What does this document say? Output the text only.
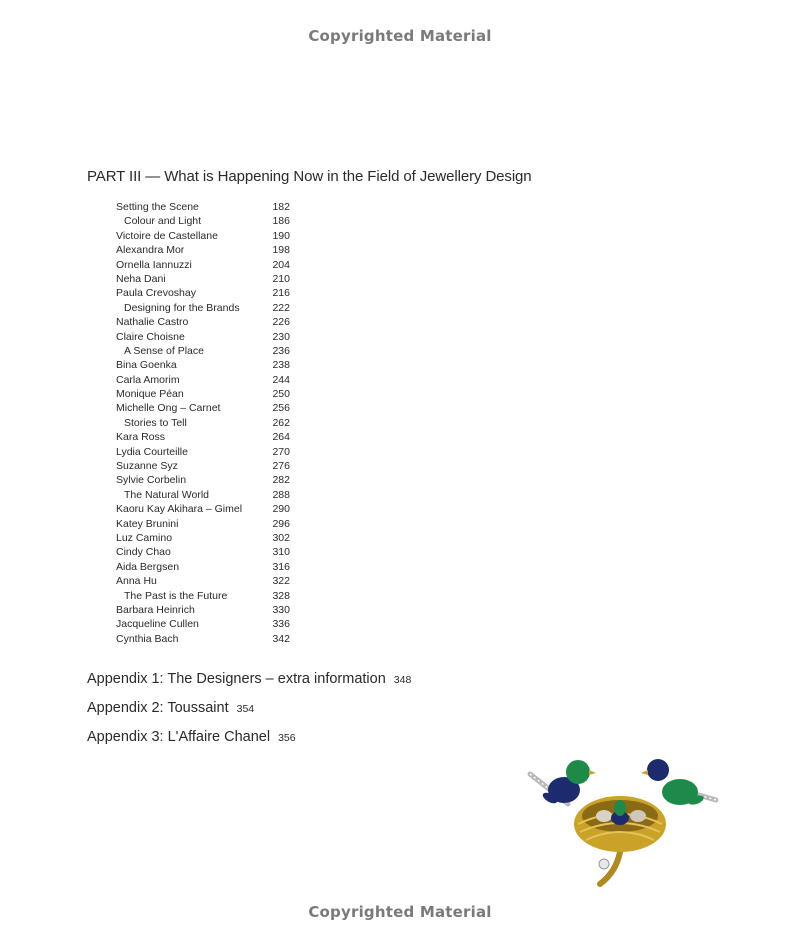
Copyrighted Material
PART III — What is Happening Now in the Field of Jewellery Design
Setting the Scene	182
Colour and Light	186
Victoire de Castellane	190
Alexandra Mor	198
Ornella Iannuzzi	204
Neha Dani	210
Paula Crevoshay	216
Designing for the Brands	222
Nathalie Castro	226
Claire Choisne	230
A Sense of Place	236
Bina Goenka	238
Carla Amorim	244
Monique Péan	250
Michelle Ong – Carnet	256
Stories to Tell	262
Kara Ross	264
Lydia Courteille	270
Suzanne Syz	276
Sylvie Corbelin	282
The Natural World	288
Kaoru Kay Akihara – Gimel	290
Katey Brunini	296
Luz Camino	302
Cindy Chao	310
Aida Bergsen	316
Anna Hu	322
The Past is the Future	328
Barbara Heinrich	330
Jacqueline Cullen	336
Cynthia Bach	342
Appendix 1: The Designers – extra information 348
Appendix 2: Toussaint 354
Appendix 3: L'Affaire Chanel 356
Copyrighted Material
